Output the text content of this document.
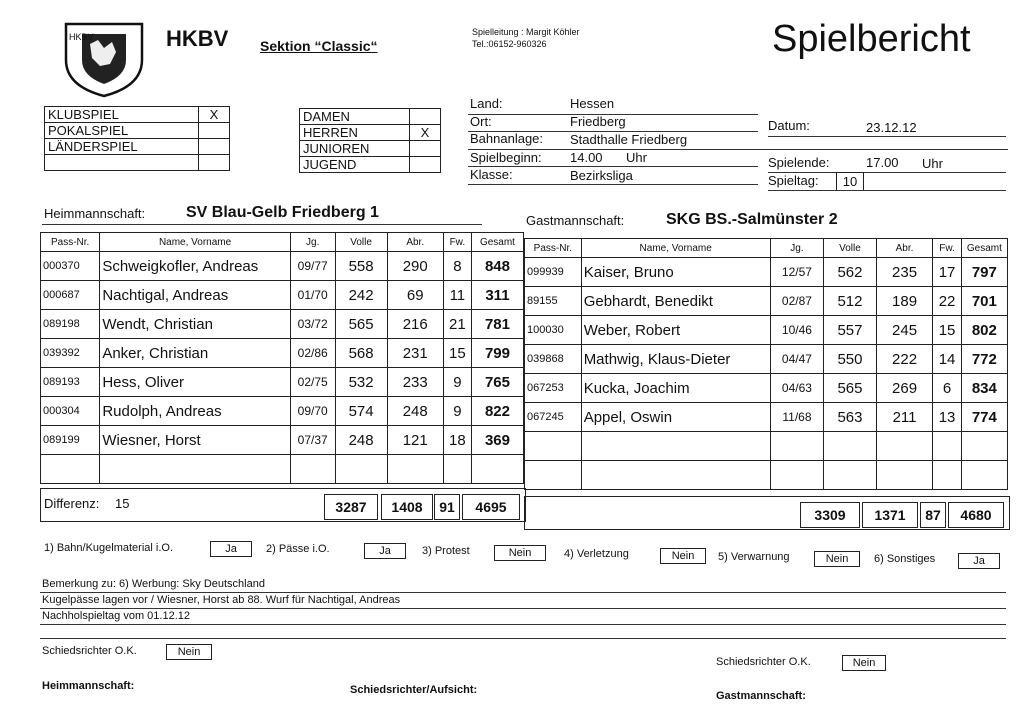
HKBV	HKBV Sektion “Classic“
Spielleitung : Margit Köhler
Tel.:06152-960326	Spielbericht
KLUBSPIEL	X
POKALSPIEL	
LÄNDERSPIEL	

DAMEN	
HERREN	X
JUNIOREN	
JUGEND	
Land:	Hessen
Ort:	Friedberg
Bahnanlage: Stadthalle Friedberg
Spielbeginn: 14.00 Uhr
Klasse:	Bezirksliga
Datum:	23.12.12
Spielende:	17.00 Uhr
Spieltag:	10
Heimmannschaft:	SV Blau-Gelb Friedberg 1	Gastmannschaft:	SKG BS.-Salmünster 2
Pass-Nr.	Name, Vorname	Jg.	Volle	Abr.	Fw.	Gesamt
000370	Schweigkofler, Andreas	09/77	558	290	8	848
000687	Nachtigal, Andreas	01/70	242	69	11	311
089198	Wendt, Christian	03/72	565	216	21	781
039392	Anker, Christian	02/86	568	231	15	799
089193	Hess, Oliver	02/75	532	233	9	765
000304	Rudolph, Andreas	09/70	574	248	9	822
089199	Wiesner, Horst	07/37	248	121	18	369

Pass-Nr.	Name, Vorname	Jg.	Volle	Abr.	Fw.	Gesamt
099939	Kaiser, Bruno	12/57	562	235	17	797
89155	Gebhardt, Benedikt	02/87	512	189	22	701
100030	Weber, Robert	10/46	557	245	15	802
039868	Mathwig, Klaus-Dieter	04/47	550	222	14	772
067253	Kucka, Joachim	04/63	565	269	6	834
067245	Appel, Oswin	11/68	563	211	13	774

Differenz: 15	3287	1408	91	4695	3309	1371	87	4680
1) Bahn/Kugelmaterial i.O.	Ja	2) Pässe i.O.	Ja	3) Protest	Nein	4) Verletzung	Nein	5) Verwarnung	Nein	6) Sonstiges	Ja
Bemerkung zu: 6) Werbung: Sky Deutschland
Kugelpässe lagen vor / Wiesner, Horst ab 88. Wurf für Nachtigal, Andreas
Nachholspieltag vom 01.12.12
Schiedsrichter O.K.	Nein
Schiedsrichter O.K.	Nein
Heimmannschaft:	Schiedsrichter/Aufsicht:	Gastmannschaft:
